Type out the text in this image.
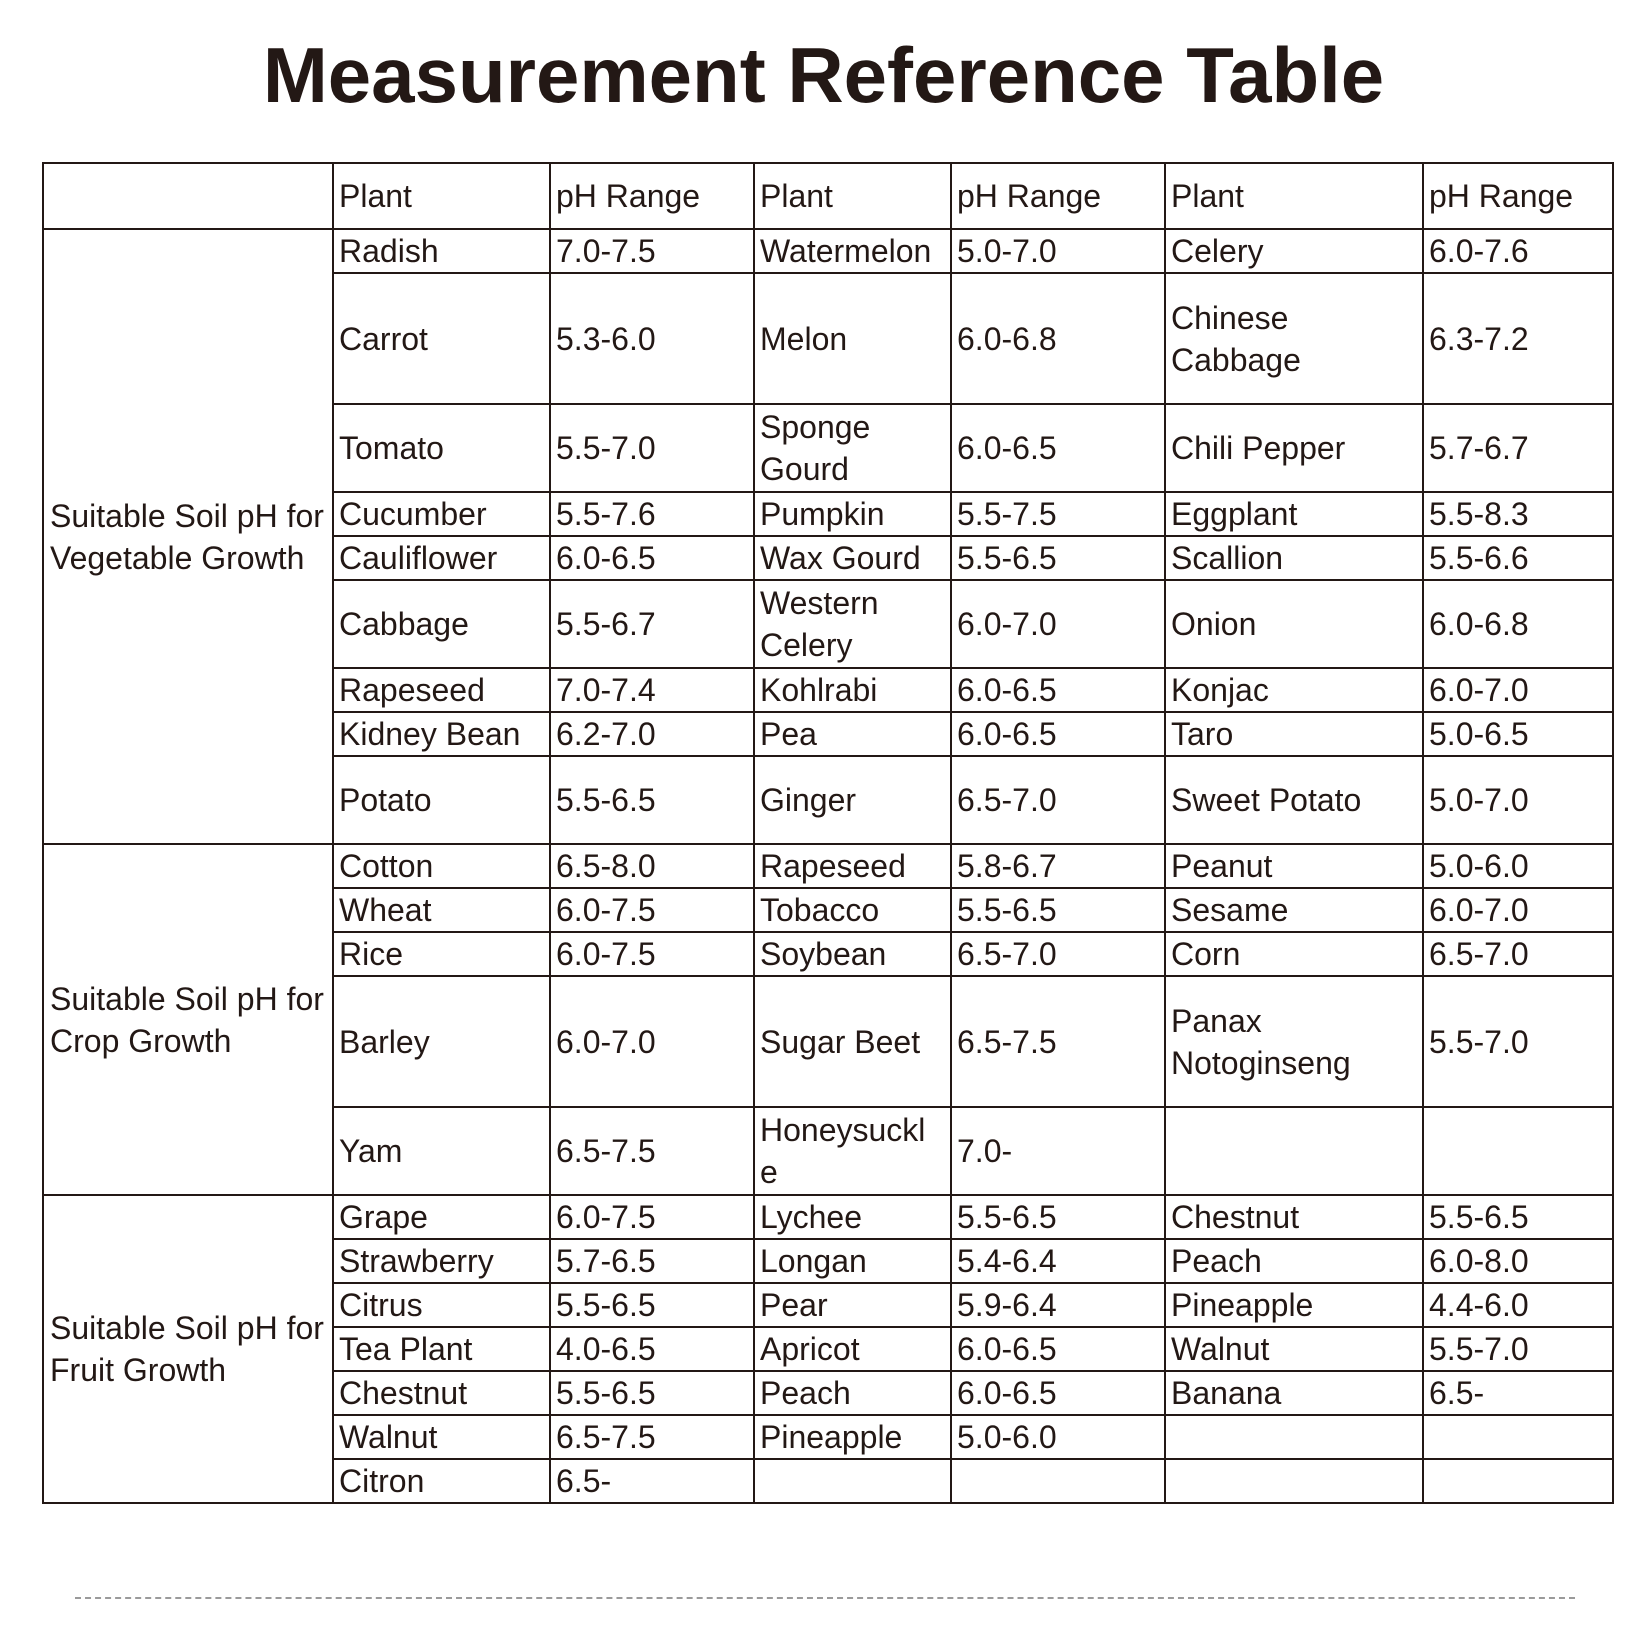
Measurement Reference Table
	Plant	pH Range	Plant	pH Range	Plant	pH Range
Suitable Soil pH for Vegetable Growth	Radish	7.0-7.5	Watermelon	5.0-7.0	Celery	6.0-7.6
	Carrot	5.3-6.0	Melon	6.0-6.8	Chinese Cabbage	6.3-7.2
	Tomato	5.5-7.0	Sponge Gourd	6.0-6.5	Chili Pepper	5.7-6.7
	Cucumber	5.5-7.6	Pumpkin	5.5-7.5	Eggplant	5.5-8.3
	Cauliflower	6.0-6.5	Wax Gourd	5.5-6.5	Scallion	5.5-6.6
	Cabbage	5.5-6.7	Western Celery	6.0-7.0	Onion	6.0-6.8
	Rapeseed	7.0-7.4	Kohlrabi	6.0-6.5	Konjac	6.0-7.0
	Kidney Bean	6.2-7.0	Pea	6.0-6.5	Taro	5.0-6.5
	Potato	5.5-6.5	Ginger	6.5-7.0	Sweet Potato	5.0-7.0
Suitable Soil pH for Crop Growth	Cotton	6.5-8.0	Rapeseed	5.8-6.7	Peanut	5.0-6.0
	Wheat	6.0-7.5	Tobacco	5.5-6.5	Sesame	6.0-7.0
	Rice	6.0-7.5	Soybean	6.5-7.0	Corn	6.5-7.0
	Barley	6.0-7.0	Sugar Beet	6.5-7.5	Panax Notoginseng	5.5-7.0
	Yam	6.5-7.5	Honeysuckl e	7.0-		
Suitable Soil pH for Fruit Growth	Grape	6.0-7.5	Lychee	5.5-6.5	Chestnut	5.5-6.5
	Strawberry	5.7-6.5	Longan	5.4-6.4	Peach	6.0-8.0
	Citrus	5.5-6.5	Pear	5.9-6.4	Pineapple	4.4-6.0
	Tea Plant	4.0-6.5	Apricot	6.0-6.5	Walnut	5.5-7.0
	Chestnut	5.5-6.5	Peach	6.0-6.5	Banana	6.5-
	Walnut	6.5-7.5	Pineapple	5.0-6.0		
	Citron	6.5-				
